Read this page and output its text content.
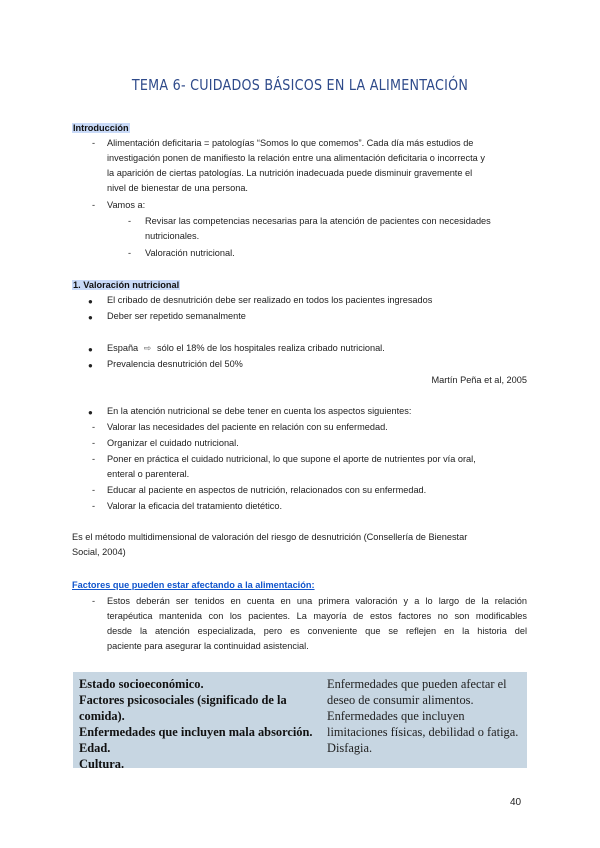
TEMA 6- CUIDADOS BÁSICOS EN LA ALIMENTACIÓN
Introducción
- Alimentación deficitaria = patologías “Somos lo que comemos”. Cada día más estudios de
investigación ponen de manifiesto la relación entre una alimentación deficitaria o incorrecta y
la aparición de ciertas patologías. La nutrición inadecuada puede disminuir gravemente el
nivel de bienestar de una persona.
- Vamos a:
- Revisar las competencias necesarias para la atención de pacientes con necesidades
nutricionales.
- Valoración nutricional.
1. Valoración nutricional
● El cribado de desnutrición debe ser realizado en todos los pacientes ingresados
● Deber ser repetido semanalmente
● España ⇨ sólo el 18% de los hospitales realiza cribado nutricional.
● Prevalencia desnutrición del 50%
Martín Peña et al, 2005
● En la atención nutricional se debe tener en cuenta los aspectos siguientes:
- Valorar las necesidades del paciente en relación con su enfermedad.
- Organizar el cuidado nutricional.
- Poner en práctica el cuidado nutricional, lo que supone el aporte de nutrientes por vía oral,
enteral o parenteral.
- Educar al paciente en aspectos de nutrición, relacionados con su enfermedad.
- Valorar la eficacia del tratamiento dietético.
Es el método multidimensional de valoración del riesgo de desnutrición (Consellería de Bienestar
Social, 2004)
Factores que pueden estar afectando a la alimentación:
- Estos deberán ser tenidos en cuenta en una primera valoración y a lo largo de la relación
terapéutica mantenida con los pacientes. La mayoría de estos factores no son modificables
desde la atención especializada, pero es conveniente que se reflejen en la historia del
paciente para asegurar la continuidad asistencial.
Estado socioeconómico.
Factores psicosociales (significado de la
comida).
Enfermedades que incluyen mala absorción.
Edad.
Cultura.
Enfermedades que pueden afectar el
deseo de consumir alimentos.
Enfermedades que incluyen
limitaciones físicas, debilidad o fatiga.
Disfagia.
40
